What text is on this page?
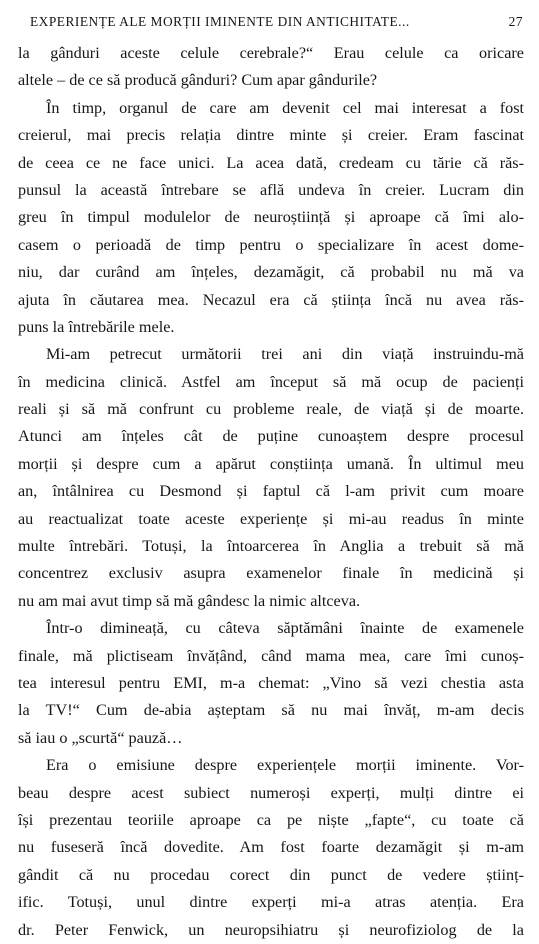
EXPERIENȚE ALE MORȚII IMINENTE DIN ANTICHITATE...	27
la gânduri aceste celule cerebrale?“ Erau celule ca oricare
altele – de ce să producă gânduri? Cum apar gândurile?
În timp, organul de care am devenit cel mai interesat a fost
creierul, mai precis relația dintre minte și creier. Eram fascinat
de ceea ce ne face unici. La acea dată, credeam cu tărie că răs-
punsul la această întrebare se află undeva în creier. Lucram din
greu în timpul modulelor de neuroștiință și aproape că îmi alo-
casem o perioadă de timp pentru o specializare în acest dome-
niu, dar curând am înțeles, dezamăgit, că probabil nu mă va
ajuta în căutarea mea. Necazul era că știința încă nu avea răs-
puns la întrebările mele.
Mi-am petrecut următorii trei ani din viață instruindu-mă
în medicina clinică. Astfel am început să mă ocup de pacienți
reali și să mă confrunt cu probleme reale, de viață și de moarte.
Atunci am înțeles cât de puține cunoaștem despre procesul
morții și despre cum a apărut conștiința umană. În ultimul meu
an, întâlnirea cu Desmond și faptul că l-am privit cum moare
au reactualizat toate aceste experiențe și mi-au readus în minte
multe întrebări. Totuși, la întoarcerea în Anglia a trebuit să mă
concentrez exclusiv asupra examenelor finale în medicină și
nu am mai avut timp să mă gândesc la nimic altceva.
Într-o dimineață, cu câteva săptămâni înainte de examenele
finale, mă plictiseam învățând, când mama mea, care îmi cunoș-
tea interesul pentru EMI, m-a chemat: „Vino să vezi chestia asta
la TV!“ Cum de-abia așteptam să nu mai învăț, m-am decis
să iau o „scurtă“ pauză…
Era o emisiune despre experiențele morții iminente. Vor-
beau despre acest subiect numeroși experți, mulți dintre ei
își prezentau teoriile aproape ca pe niște „fapte“, cu toate că
nu fuseseră încă dovedite. Am fost foarte dezamăgit și m-am
gândit că nu procedau corect din punct de vedere științ-
ific. Totuși, unul dintre experți mi-a atras atenția. Era
dr. Peter Fenwick, un neuropsihiatru și neurofiziolog de la
